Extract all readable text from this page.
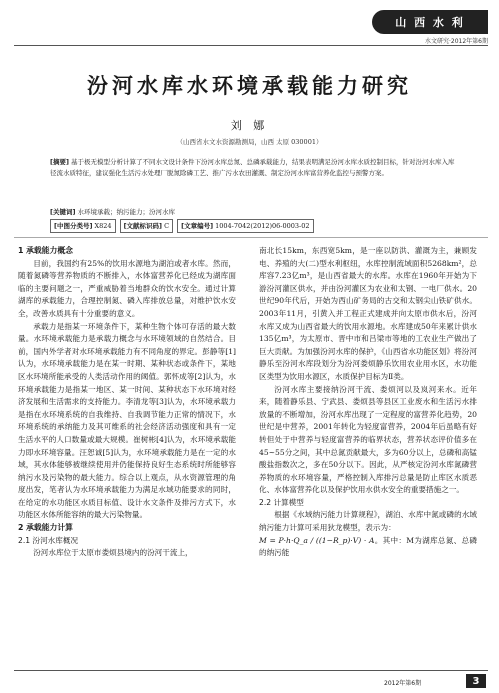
山 西 水 利
水文研究·2012年第6期
汾河水库水环境承载能力研究
刘 娜
（山西省水文水资源勘测局，山西 太原 030001）
[摘要] 基于极无模型分析计算了不同水文设计条件下汾河水库总氮、总磷承载能力，结果表明满足汾河水库水质控制目标，针对汾河水库入库径流水质特征，建议强化生活污水处理厂脱氮除磷工艺、推广污水农田灌溉、制定汾河水库富营养化监控与预警方案。
[关键词] 水环境承载；纳污能力；汾河水库
[中图分类号] X824	[文献标识码] C	[文章编号] 1004-7042(2012)06-0003-02
1 承载能力概念

目前，我国约有25%的饮用水源地为湖泊或者水库。然而，随着氮磷等营养物质的不断排入，水体富营养化已经成为湖库面临的主要问题之一，严重威胁着当地群众的饮水安全。通过计算湖库的承载能力，合理控制氮、磷入库排放总量，对维护饮水安全，改善水质具有十分重要的意义。

承载力是指某一环境条件下，某种生物个体可存活的最大数量。水环境承载能力是承载力概念与水环境领域的自然结合。目前，国内外学者对水环境承载能力有不同角度的界定。彭静等[1]认为，水环境承载能力是在某一时期、某种状态或条件下，某地区水环境所能承受的人类活动作用的阈值。郭怀成等[2]认为，水环境承载能力是指某一地区、某一时间、某种状态下水环境对经济发展和生活需求的支持能力。李清龙等[3]认为，水环境承载力是指在水环境系统的自我维持、自我调节能力正常的情况下，水环境系统的承纳能力及其可维系的社会经济活动强度和具有一定生活水平的人口数量或最大规模。崔树彬[4]认为，水环境承载能力即水环境容量。汪恕诚[5]认为，水环境承载能力是在一定的水域，其水体能够被继续使用并仍能保持良好生态系统时所能够容纳污水及污染物的最大能力。综合以上观点，从水资源管理的角度出发，笔者认为水环境承载能力为满足水域功能要求的同时，在给定的水功能区水质目标值、设计水文条件及排污方式下，水功能区水体所能容纳的最大污染物量。

2 承载能力计算
2.1 汾河水库概况

汾河水库位于太原市娄烦县境内的汾河干流上，

南北长15km，东西宽5km，是一座以防洪、灌溉为主，兼顾发电、养殖的大(二)型水利枢纽，水库控制流域面积5268km²，总库容7.23亿m³，是山西省最大的水库。水库在1960年开始为下游汾河灌区供水，并由汾河灌区为农业和太钢、一电厂供水。20世纪90年代后，开始为西山矿务局的古交和太钢尖山铁矿供水。2003年11月，引黄入并工程正式建成并向太原市供水后，汾河水库又成为山西省最大的饮用水源地。水库建成50年来累计供水135亿m³，为太原市、晋中市和吕梁市等地的工农业生产做出了巨大贡献。为加强汾河水库的保护，《山西省水功能区划》将汾河静乐至汾河水库段划分为汾河娄烦静乐饮用农业用水区，水功能区类型为饮用水源区，水质保护目标为Ⅱ类。

汾河水库主要接纳汾河干流、娄烦河以及岚河来水。近年来，随着静乐县、宁武县、娄烦县等县区工业废水和生活污水排放量的不断增加，汾河水库出现了一定程度的富营养化趋势，20世纪是中营养，2001年转化为轻度富营养，2004年后虽略有好转但处于中营养与轻度富营养的临界状态，营养状态评价值多在45~55分之间，其中总氮贡献最大，多为60分以上，总磷和高锰酸盐指数次之，多在50分以下。因此，从严核定汾河水库氮磷营养物质的水环境容量，严格控制入库排污总量是防止库区水质恶化、水体富营养化以及保护饮用水供水安全的重要措施之一。

2.2 计算模型

根据《水域纳污能力计算规程》，湖泊、水库中氮或磷的水域纳污能力计算可采用狄龙模型，表示为：

M = P·h·Q_a / ((1−R_p)·V) · A。其中：M为湖库总氮、总磷的纳污能

2012年第6期	3
